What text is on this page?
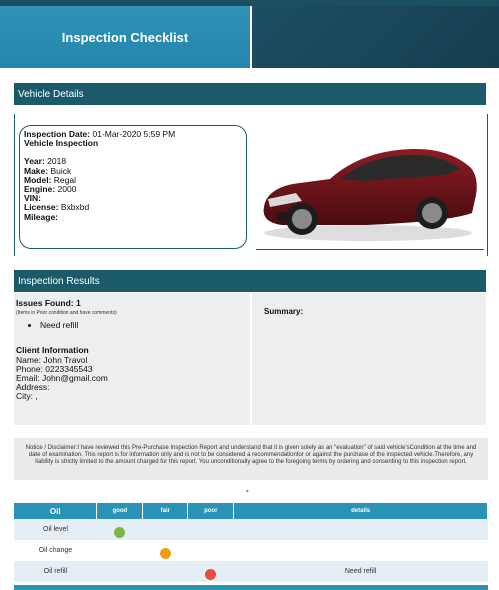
Inspection Checklist
Vehicle Details
Inspection Date: 01-Mar-2020 5:59 PM
Vehicle Inspection
Year: 2018
Make: Buick
Model: Regal
Engine: 2000
VIN:
License: Bxbxbd
Mileage:
Inspection Results
Issues Found: 1
(Items in Poor condition and have comments)
• Need refill
Client Information
Name: John Travol
Phone: 0223345543
Email: John@gmail.com
Address:
City: ,
Summary:
Notice / Disclaimer:I have reviewed this Pre-Purchase Inspection Report and understand that it is given solely as an "evaluation" of said vehicle'sCondition at the time and date of examination. This report is for information only and is not to be considered a recommendationfor or against the purchase of the inspected vehicle.Therefore, any liability is strictly limited to the amount charged for this report. You unconditionally agree to the foregoing terms by ordering and consenting to this inspection report.
-
Oil	good	fair	poor	details
Oil level				
Oil change				
Oil refill				Need refill
